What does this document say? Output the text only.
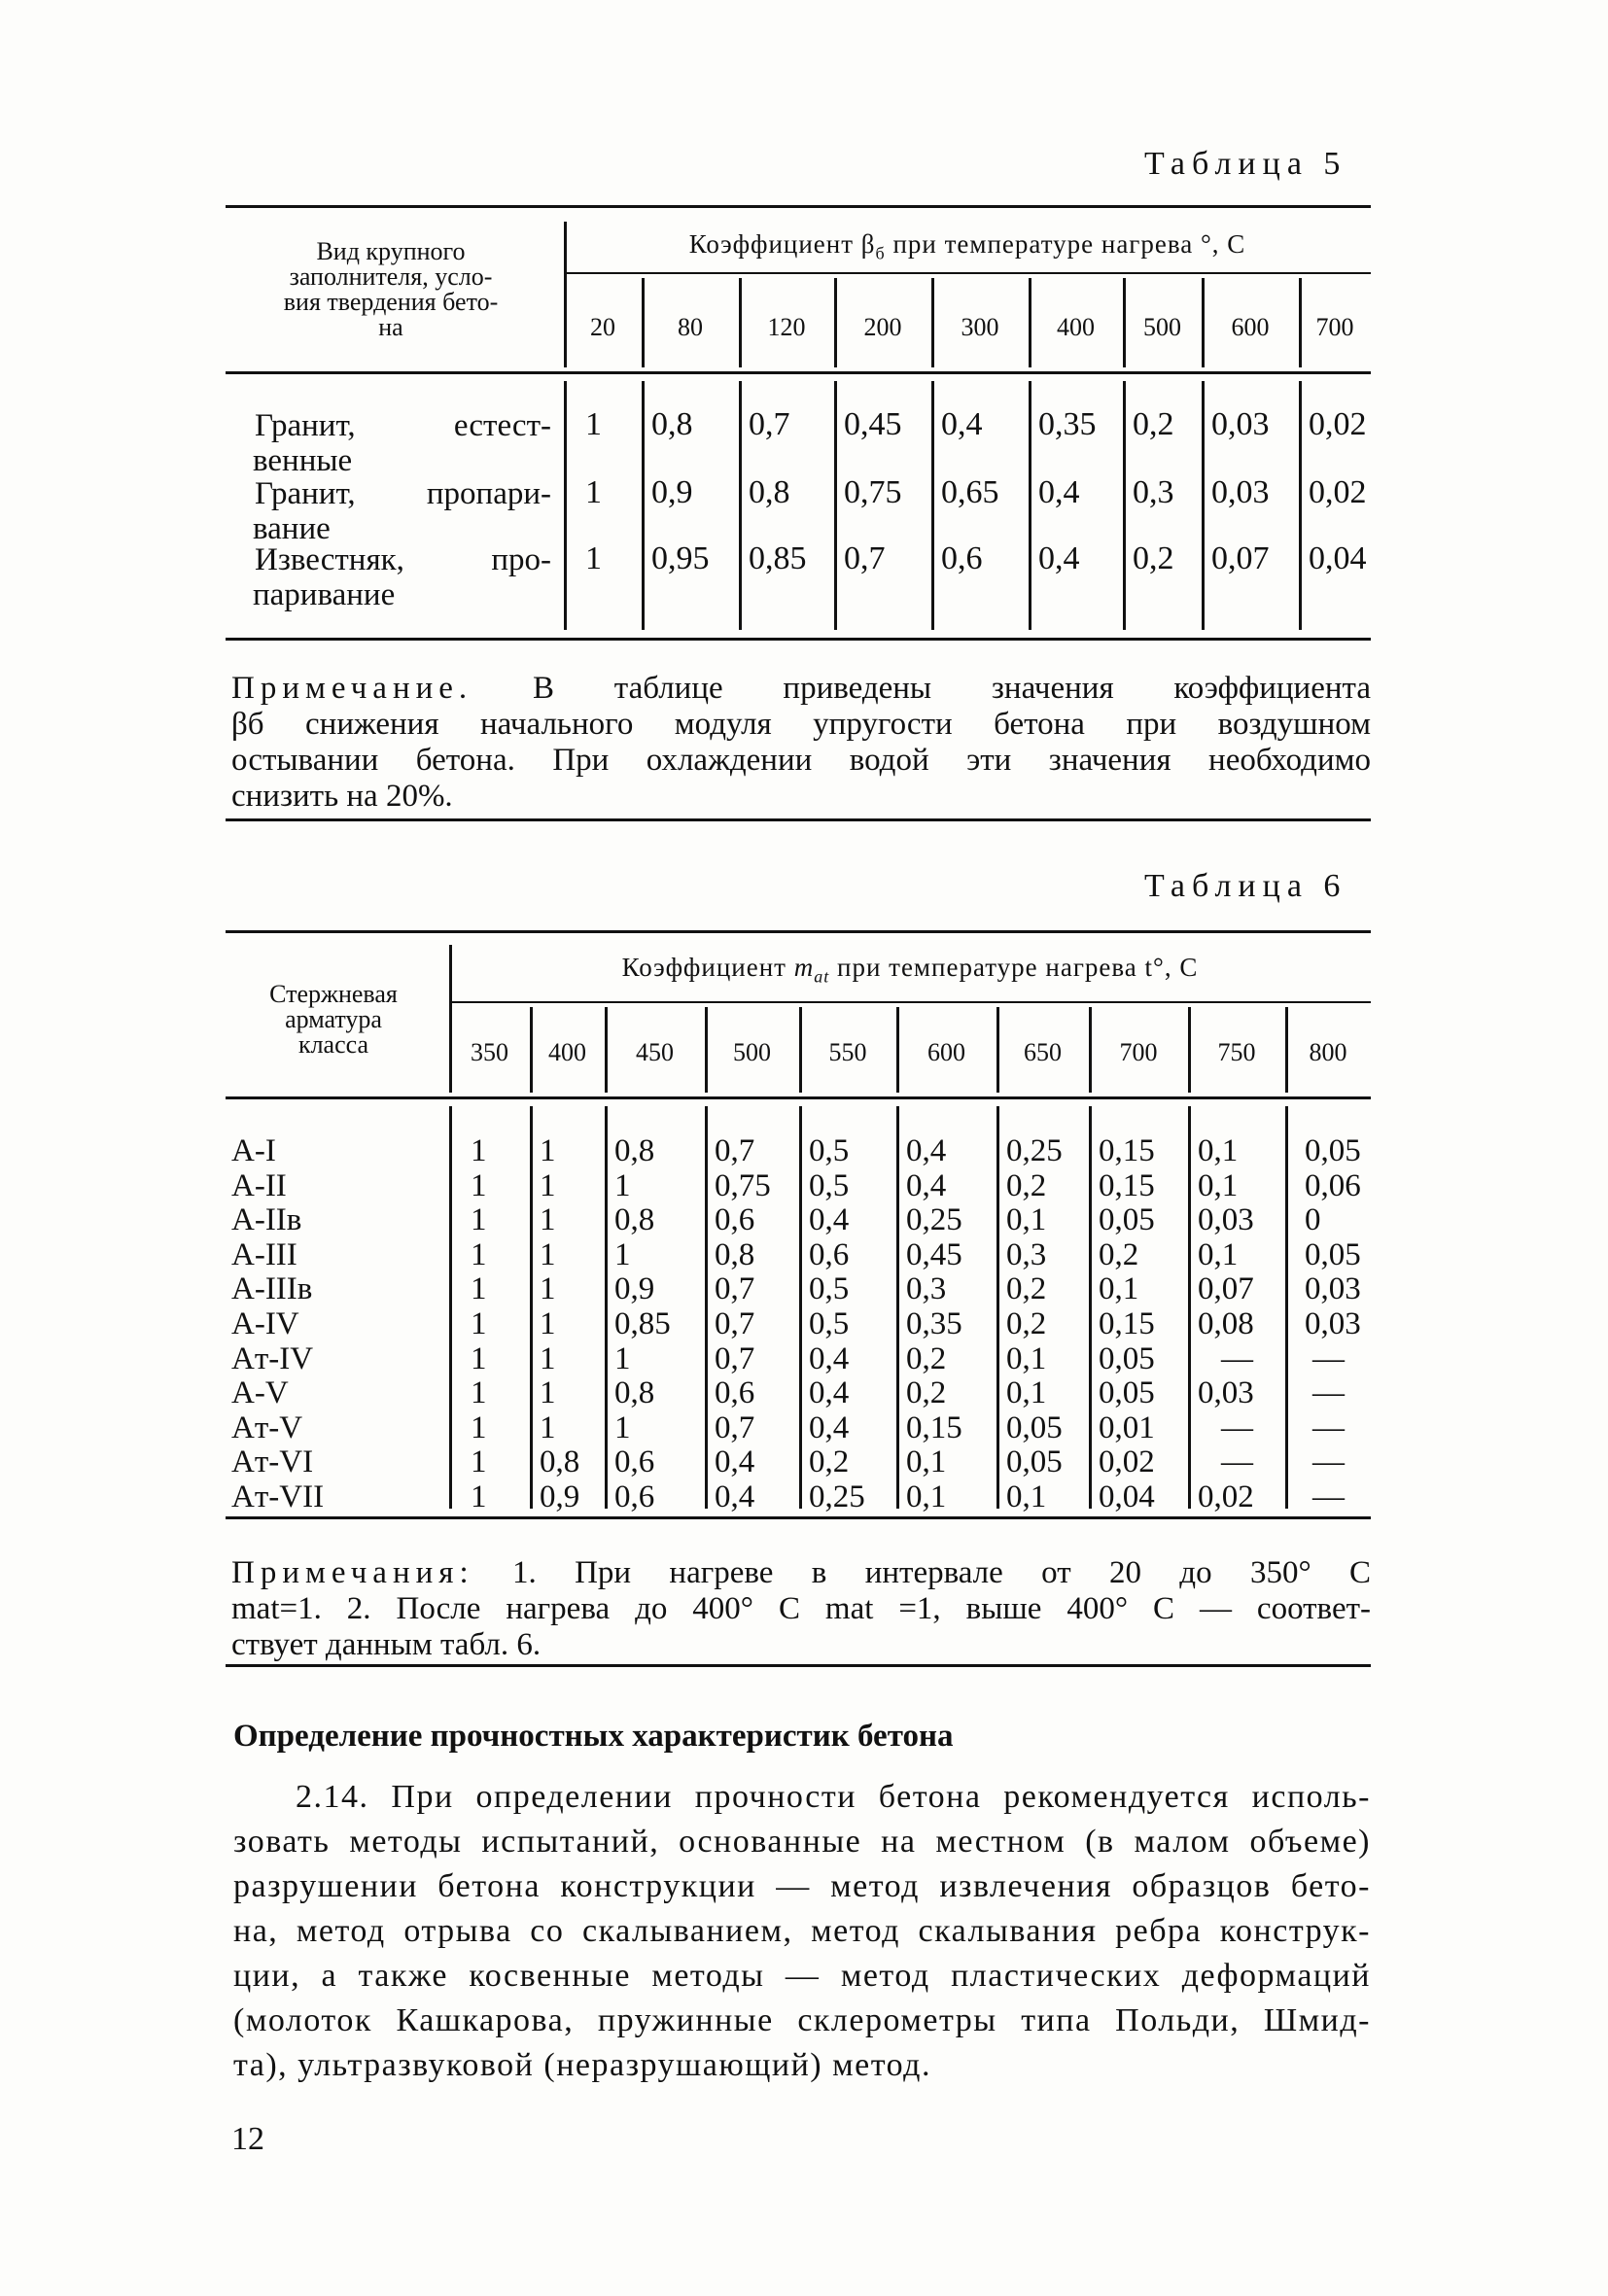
Таблица 5
Вид крупного
заполнителя, усло-
вия твердения бето-
на
Коэффициент $\beta_б$ при температуре нагрева °, С
20	80	120	200	300	400	500	600	700
Гранит, естест-
венные
1 0,8 0,7 0,45 0,4 0,35 0,2 0,03 0,02
Гранит, пропари-
вание
1 0,9 0,8 0,75 0,65 0,4 0,3 0,03 0,02
Известняк, про-
паривание
1 0,95 0,85 0,7 0,6 0,4 0,2 0,07 0,04
Примечание. В таблице приведены значения коэффициента
βб снижения начального модуля упругости бетона при воздушном
остывании бетона. При охлаждении водой эти значения необходимо
снизить на 20%.
Таблица 6
Стержневая
арматура
класса
Коэффициент $m_{at}$ при температуре нагрева t°, С
350	400	450	500	550	600	650	700	750	800
A-I	1 1 0,8 0,7 0,5 0,4 0,25 0,15 0,1 0,05
A-II	1 1 1	0,75 0,5 0,4 0,2 0,15 0,1 0,06
A-IIв	1 1 0,8 0,6 0,4 0,25 0,1 0,05 0,03 0
A-III	1 1 1	0,8 0,6 0,45 0,3 0,2 0,1 0,05
A-IIIв	1 1 0,9 0,7 0,5 0,3 0,2 0,1 0,07 0,03
A-IV	1 1 0,85 0,7 0,5 0,35 0,2 0,15 0,08 0,03
Aт-IV	1 1 1	0,7 0,4 0,2 0,1 0,05 — —
A-V	1 1 0,8 0,6 0,4 0,2 0,1 0,05 0,03 —
Aт-V	1 1 1	0,7 0,4 0,15 0,05 0,01 — —
Aт-VI	1 0,8 0,6 0,4 0,2 0,1 0,05 0,02 — —
Aт-VII	1 0,9 0,6 0,4 0,25 0,1 0,1 0,04 0,02 —
Примечания: 1. При нагреве в интервале от 20 до 350° С
mat=1. 2. После нагрева до 400° С mat =1, выше 400° С — соответ-
ствует данным табл. 6.
Определение прочностных характеристик бетона
2.14. При определении прочности бетона рекомендуется исполь-
зовать методы испытаний, основанные на местном (в малом объеме)
разрушении бетона конструкции — метод извлечения образцов бето-
на, метод отрыва со скалыванием, метод скалывания ребра конструк-
ции, а также косвенные методы — метод пластических деформаций
(молоток Кашкарова, пружинные склерометры типа Польди, Шмид-
та), ультразвуковой (неразрушающий) метод.
12
